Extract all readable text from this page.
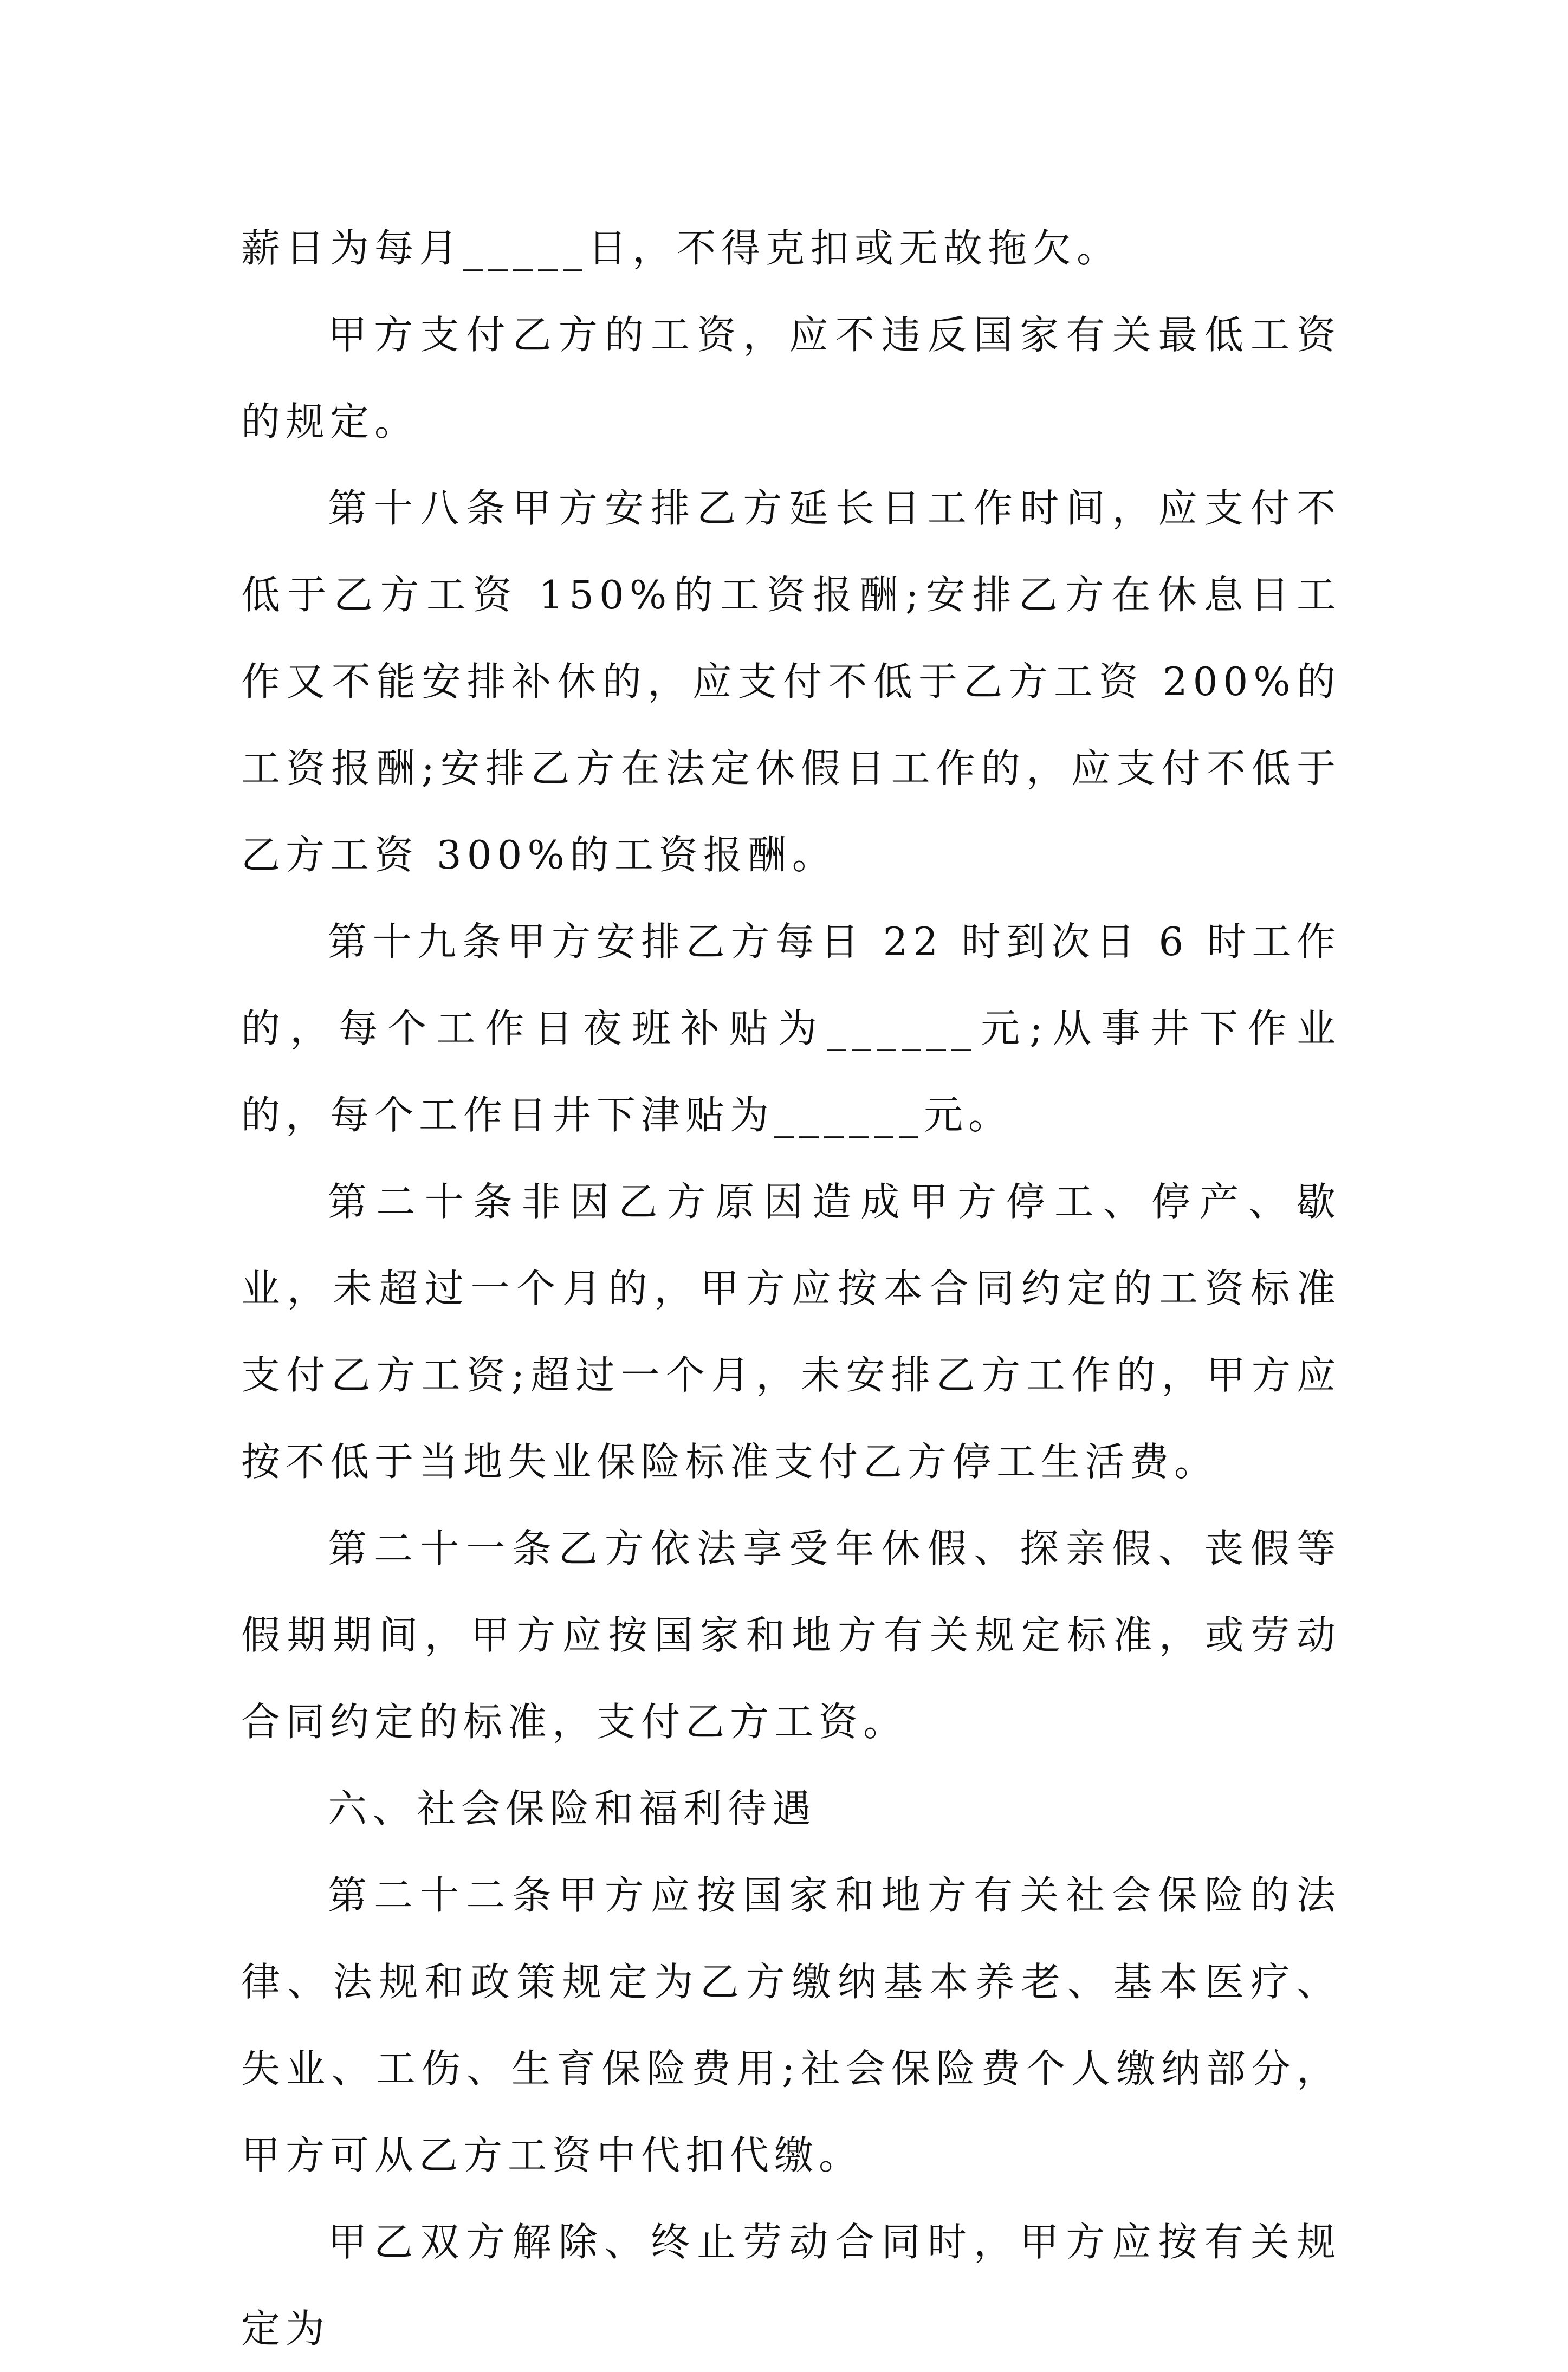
薪日为每月_____日，不得克扣或无故拖欠。

甲方支付乙方的工资，应不违反国家有关最低工资的规定。

第十八条甲方安排乙方延长日工作时间，应支付不低于乙方工资 150%的工资报酬;安排乙方在休息日工作又不能安排补休的，应支付不低于乙方工资 200%的工资报酬;安排乙方在法定休假日工作的，应支付不低于乙方工资 300%的工资报酬。

第十九条甲方安排乙方每日 22 时到次日 6 时工作的，每个工作日夜班补贴为______元;从事井下作业的，每个工作日井下津贴为______元。

第二十条非因乙方原因造成甲方停工、停产、歇业，未超过一个月的，甲方应按本合同约定的工资标准支付乙方工资;超过一个月，未安排乙方工作的，甲方应按不低于当地失业保险标准支付乙方停工生活费。

第二十一条乙方依法享受年休假、探亲假、丧假等假期期间，甲方应按国家和地方有关规定标准，或劳动合同约定的标准，支付乙方工资。

六、社会保险和福利待遇

第二十二条甲方应按国家和地方有关社会保险的法律、法规和政策规定为乙方缴纳基本养老、基本医疗、失业、工伤、生育保险费用;社会保险费个人缴纳部分，甲方可从乙方工资中代扣代缴。

甲乙双方解除、终止劳动合同时，甲方应按有关规定为
